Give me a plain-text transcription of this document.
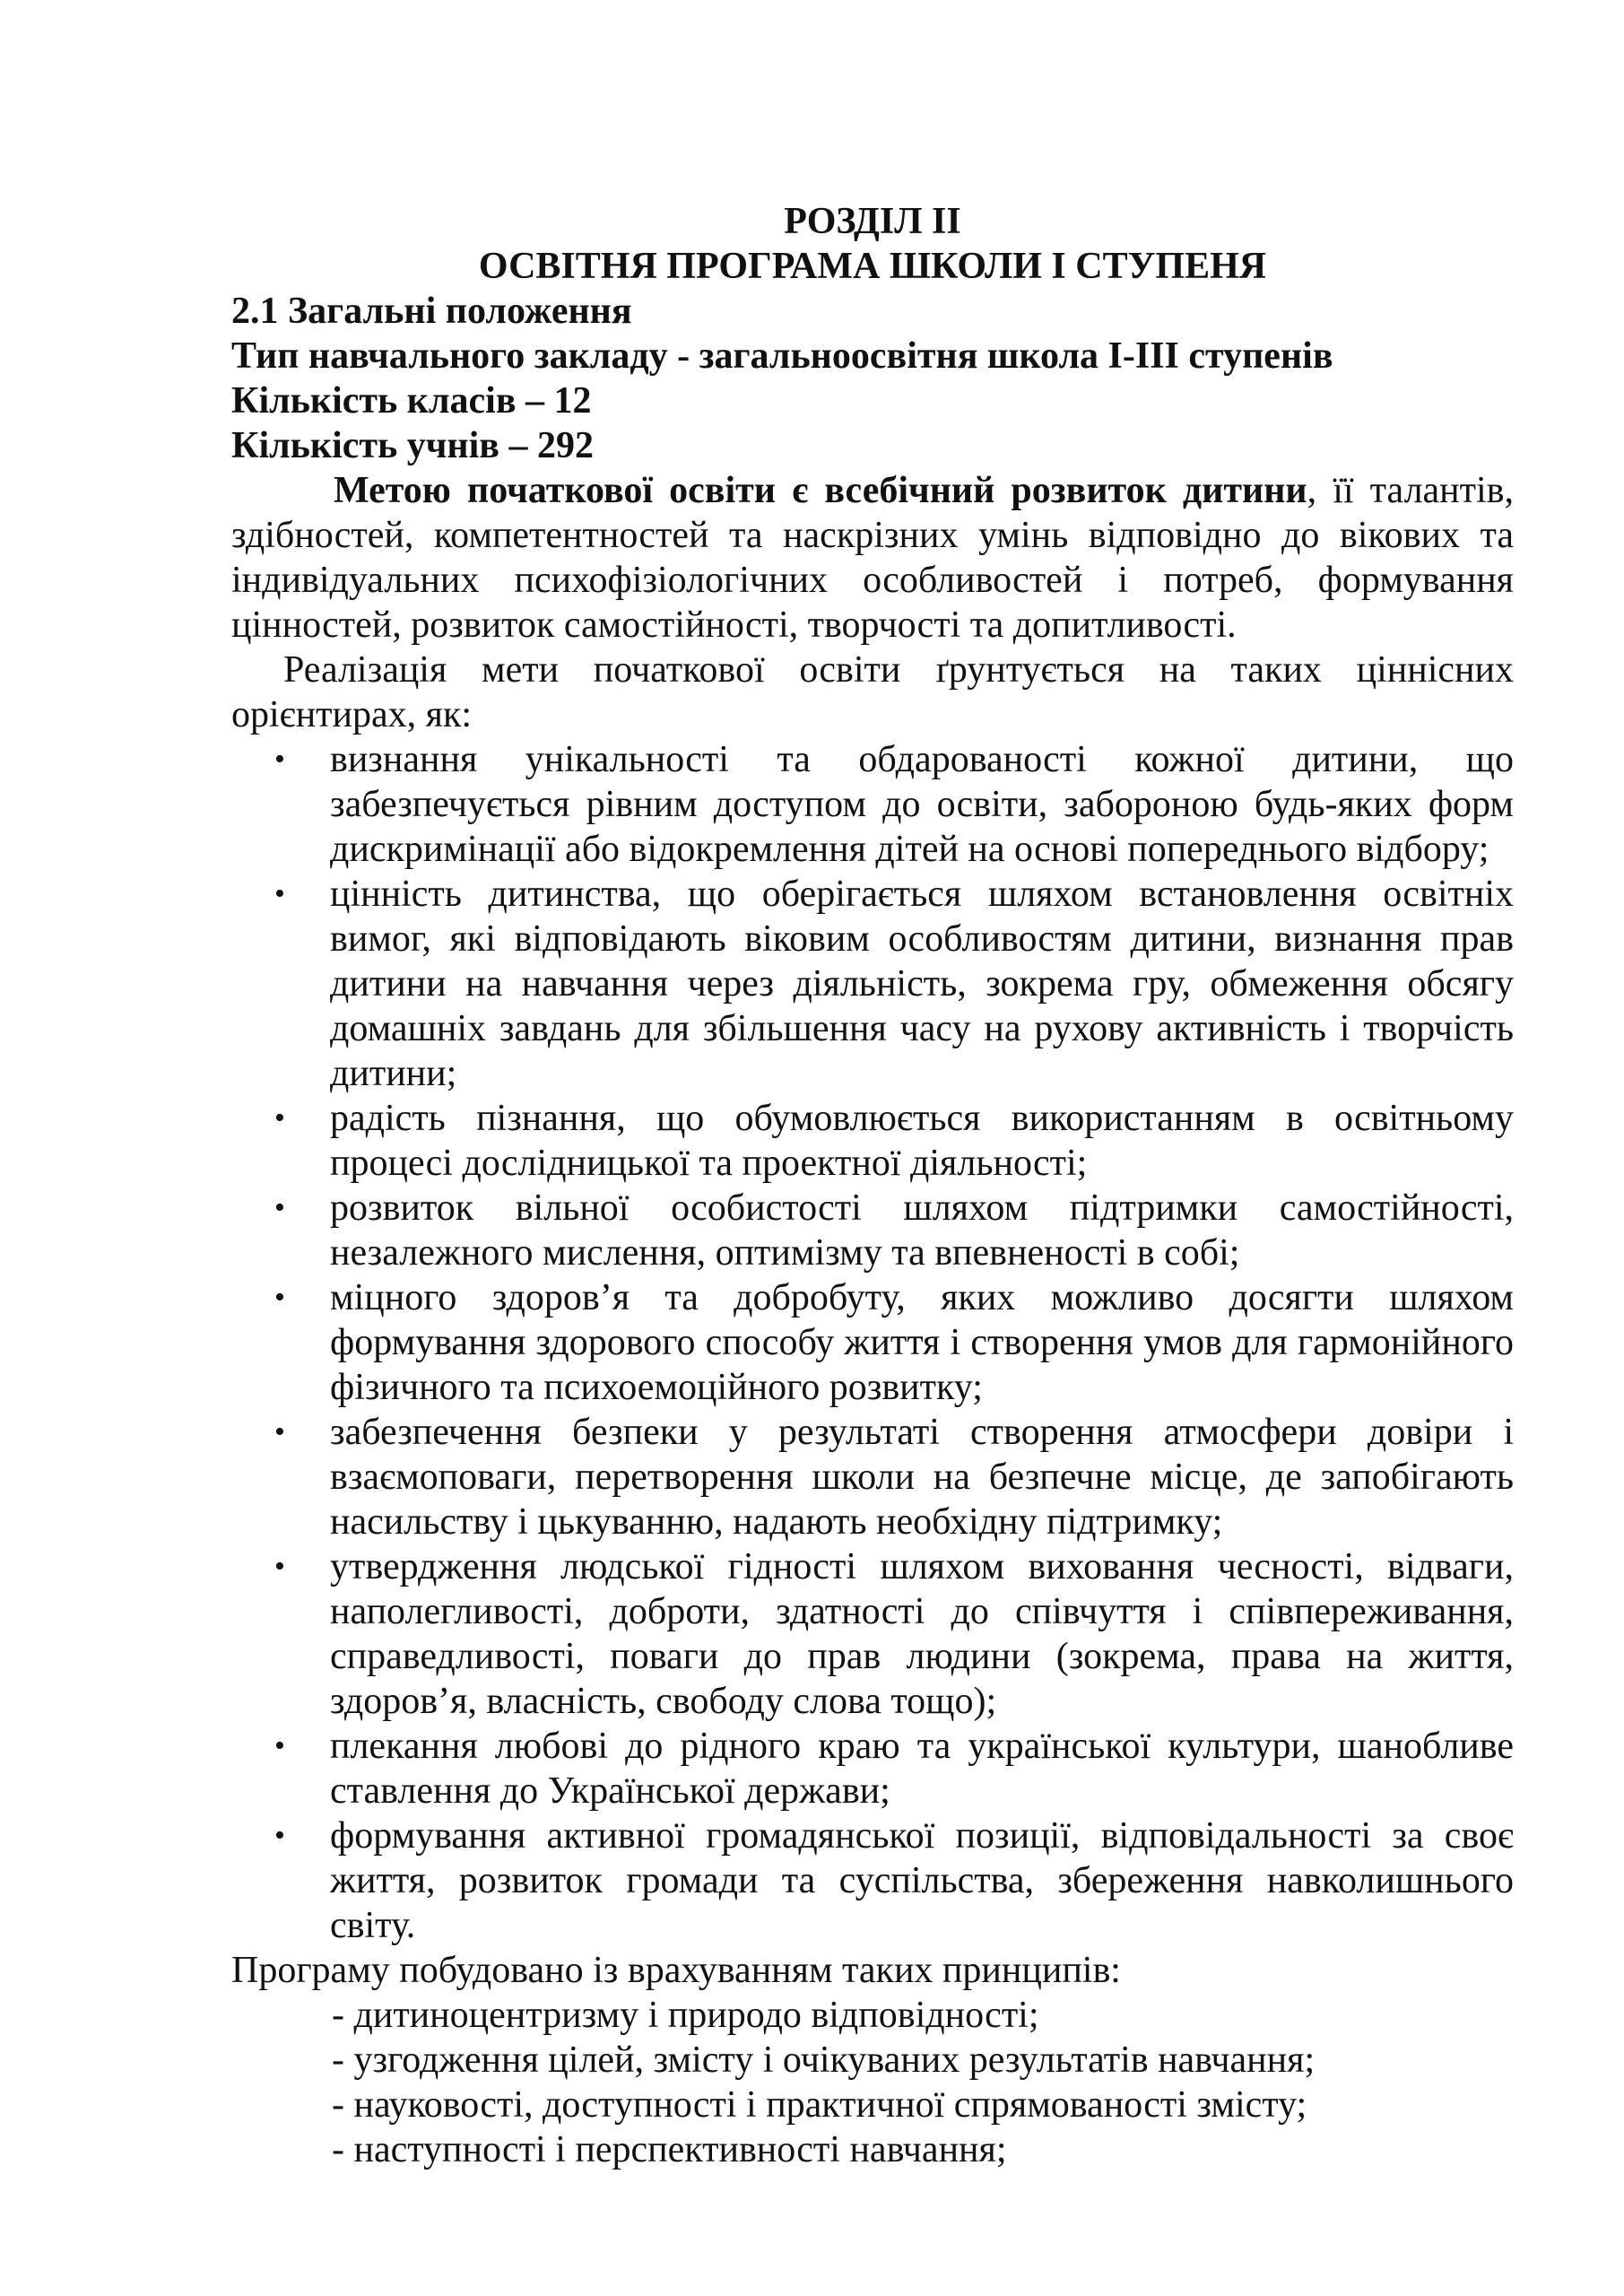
РОЗДІЛ ІІ

ОСВІТНЯ ПРОГРАМА ШКОЛИ І СТУПЕНЯ

2.1 Загальні положення

Тип навчального закладу - загальноосвітня школа I-III ступенів

Кількість класів – 12

Кількість учнів – 292

Метою початкової освіти є всебічний розвиток дитини, її талантів, здібностей, компетентностей та наскрізних умінь відповідно до вікових та індивідуальних психофізіологічних особливостей і потреб, формування цінностей, розвиток самостійності, творчості та допитливості.

Реалізація мети початкової освіти ґрунтується на таких ціннісних орієнтирах, як:

• визнання унікальності та обдарованості кожної дитини, що забезпечується рівним доступом до освіти, забороною будь-яких форм дискримінації або відокремлення дітей на основі попереднього відбору;
• цінність дитинства, що оберігається шляхом встановлення освітніх вимог, які відповідають віковим особливостям дитини, визнання прав дитини на навчання через діяльність, зокрема гру, обмеження обсягу домашніх завдань для збільшення часу на рухову активність і творчість дитини;
• радість пізнання, що обумовлюється використанням в освітньому процесі дослідницької та проектної діяльності;
• розвиток вільної особистості шляхом підтримки самостійності, незалежного мислення, оптимізму та впевненості в собі;
• міцного здоров’я та добробуту, яких можливо досягти шляхом формування здорового способу життя і створення умов для гармонійного фізичного та психоемоційного розвитку;
• забезпечення безпеки у результаті створення атмосфери довіри і взаємоповаги, перетворення школи на безпечне місце, де запобігають насильству і цькуванню, надають необхідну підтримку;
• утвердження людської гідності шляхом виховання чесності, відваги, наполегливості, доброти, здатності до співчуття і співпереживання, справедливості, поваги до прав людини (зокрема, права на життя, здоров’я, власність, свободу слова тощо);
• плекання любові до рідного краю та української культури, шанобливе ставлення до Української держави;
• формування активної громадянської позиції, відповідальності за своє життя, розвиток громади та суспільства, збереження навколишнього світу.

Програму побудовано із врахуванням таких принципів:

- дитиноцентризму і природо відповідності;
- узгодження цілей, змісту і очікуваних результатів навчання;
- науковості, доступності і практичної спрямованості змісту;
- наступності і перспективності навчання;
